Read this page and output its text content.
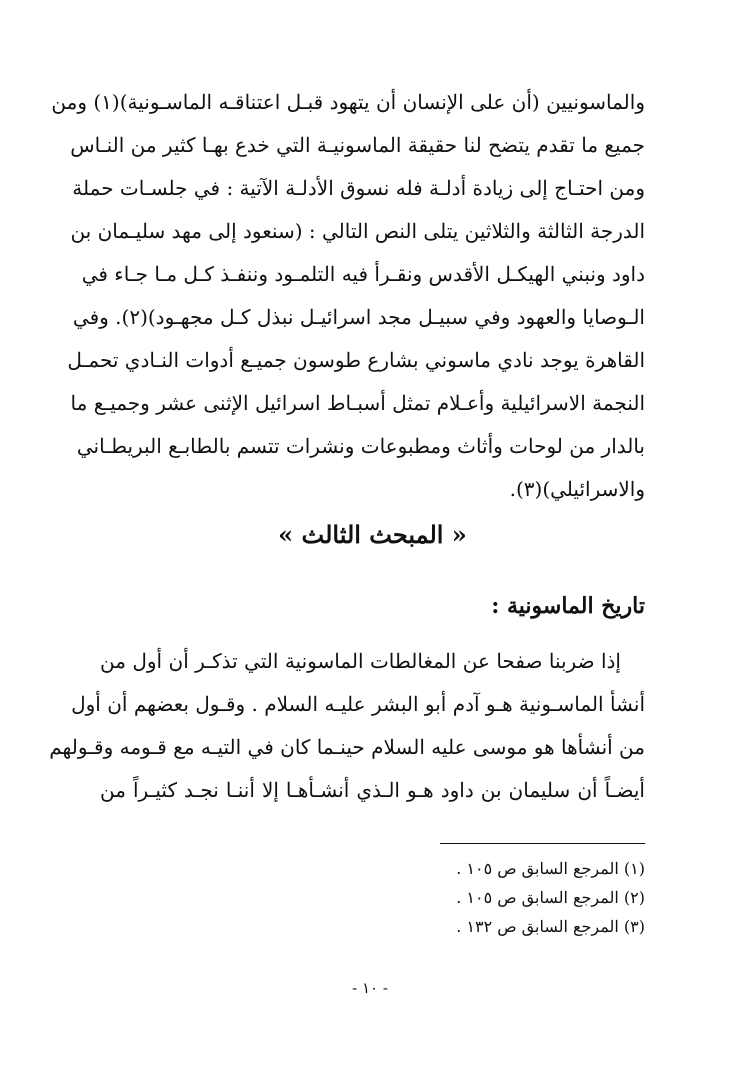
والماسونيين (أن على الإنسان أن يتهود قبـل اعتناقـه الماسـونية)(١) ومن
جميع ما تقدم يتضح لنا حقيقة الماسونيـة التي خدع بهـا كثير من النـاس
ومن احتـاج إلى زيادة أدلـة فله نسوق الأدلـة الآتية : في جلسـات حملة
الدرجة الثالثة والثلاثين يتلى النص التالي : (سنعود إلى مهد سليـمان بن
داود ونبني الهيكـل الأقدس ونقـرأ فيه التلمـود وننفـذ كـل مـا جـاء في
الـوصايا والعهود وفي سبيـل مجد اسرائيـل نبذل كـل مجهـود)(٢). وفي
القاهرة يوجد نادي ماسوني بشارع طوسون جميـع أدوات النـادي تحمـل
النجمة الاسرائيلية وأعـلام تمثل أسبـاط اسرائيل الإثنى عشر وجميـع ما
بالدار من لوحات وأثاث ومطبوعات ونشرات تتسم بالطابـع البريطـاني
والاسرائيلي)(٣).
« المبحث الثالث »
تاريخ الماسونية :
إذا ضربنا صفحا عن المغالطات الماسونية التي تذكـر أن أول من
أنشأ الماسـونية هـو آدم أبو البشر عليـه السلام . وقـول بعضهم أن أول
من أنشأها هو موسى عليه السلام حينـما كان في التيـه مع قـومه وقـولهم
أيضـاً أن سليمان بن داود هـو الـذي أنشـأهـا إلا أننـا نجـد كثيـراً من
(١) المرجع السابق ص ١٠٥ .
(٢) المرجع السابق ص ١٠٥ .
(٣) المرجع السابق ص ١٣٢ .
- ١٠ -
